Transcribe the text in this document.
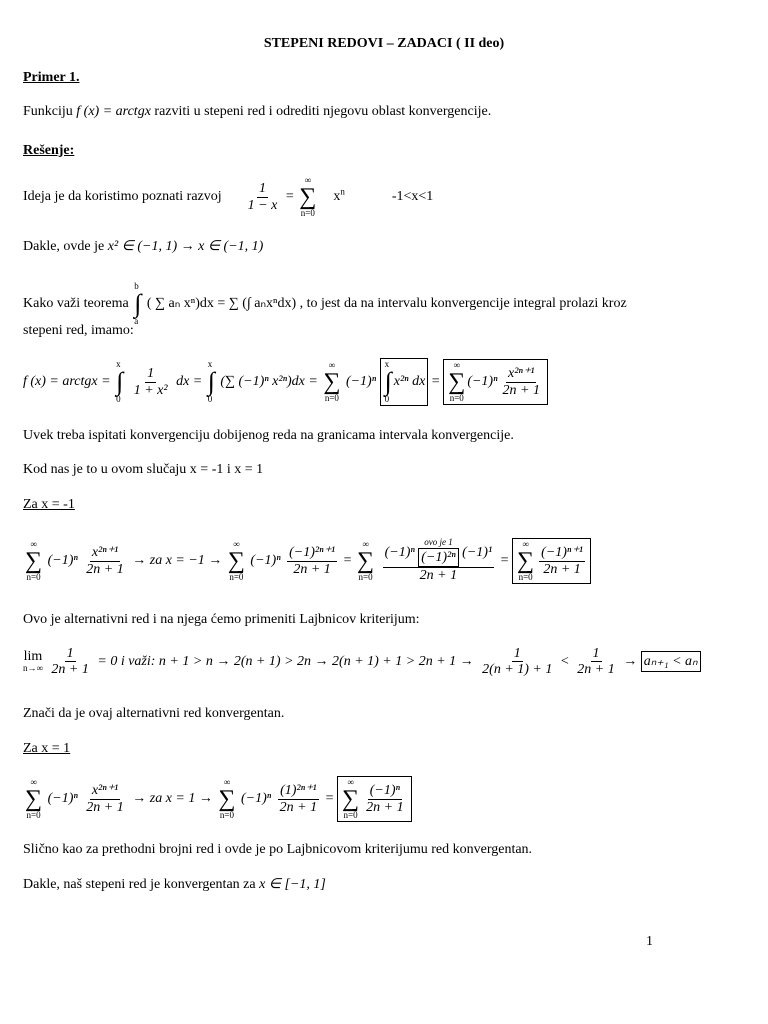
STEPENI REDOVI – ZADACI ( II deo)
Primer 1.
Funkciju f (x) = arctgx razviti u stepeni red i odrediti njegovu oblast konvergencije.
Rešenje:
Ideja je da koristimo poznati razvoj $\frac{1}{1 - x}$ =
∞
∑
n=0
$x^n$	-1<x<1
Dakle, ovde je x² ∈ (−1, 1) → x ∈ (−1, 1)
Kako važi teorema
b
∫
a
( ∑ aₙ xⁿ)dx = ∑ (∫ aₙxⁿdx) , to jest da na intervalu konvergencije integral prolazi kroz
stepeni red, imamo:
f (x) = arctgx =
x
∫
0

$\frac{1}{\text{1 + x²}}$ dx =
x
∫
0
(∑ (−1)ⁿ x²ⁿ)dx =
∞
∑
n=0
(−1)ⁿ
x
∫
0
x²ⁿ dx =
∞
∑
n=0
$(-1)^n \frac{\text{x²ⁿ⁺¹}}{2n + 1}$
Uvek treba ispitati konvergenciju dobijenog reda na granicama intervala konvergencije.
Kod nas je to u ovom slučaju x = -1 i x = 1
Za x = -1
∞
∑
n=0
$(-1)^n \frac{\text{x²ⁿ⁺¹}}{2n + 1}$ → za x = −1 →
∞
∑
n=0
$(-1)^n \frac{\text{(−1)²ⁿ⁺¹}}{2n + 1}$ =
∞
∑
n=0

(−1)ⁿ
ovo je 1
(−1)²ⁿ (−1)¹
2n + 1
=
∞
∑
n=0
$\frac{\text{(−1)ⁿ⁺¹}}{2n + 1}$
Ovo je alternativni red i na njega ćemo primeniti Lajbnicov kriterijum:
lim
n→∞
$\frac{1}{2n + 1} = 0$ i važi: $n + 1 > n \to 2(n + 1) > 2n \to 2(n + 1) + 1 > 2n + 1 \to \frac{1}{2(n + 1) + 1} < \frac{1}{2n + 1} \to a_{n+1} < a_n$
Znači da je ovaj alternativni red konvergentan.
Za x = 1
∞
∑
n=0
$(-1)^n \frac{\text{x²ⁿ⁺¹}}{2n + 1}$ → za x = 1 →
∞
∑
n=0
$(-1)^n \frac{\text{(1)²ⁿ⁺¹}}{2n + 1}$ =
∞
∑
n=0
$\frac{\text{(−1)ⁿ}}{2n + 1}$
Slično kao za prethodni brojni red i ovde je po Lajbnicovom kriterijumu red konvergentan.
Dakle, naš stepeni red je konvergentan za x ∈ [−1, 1]
1
